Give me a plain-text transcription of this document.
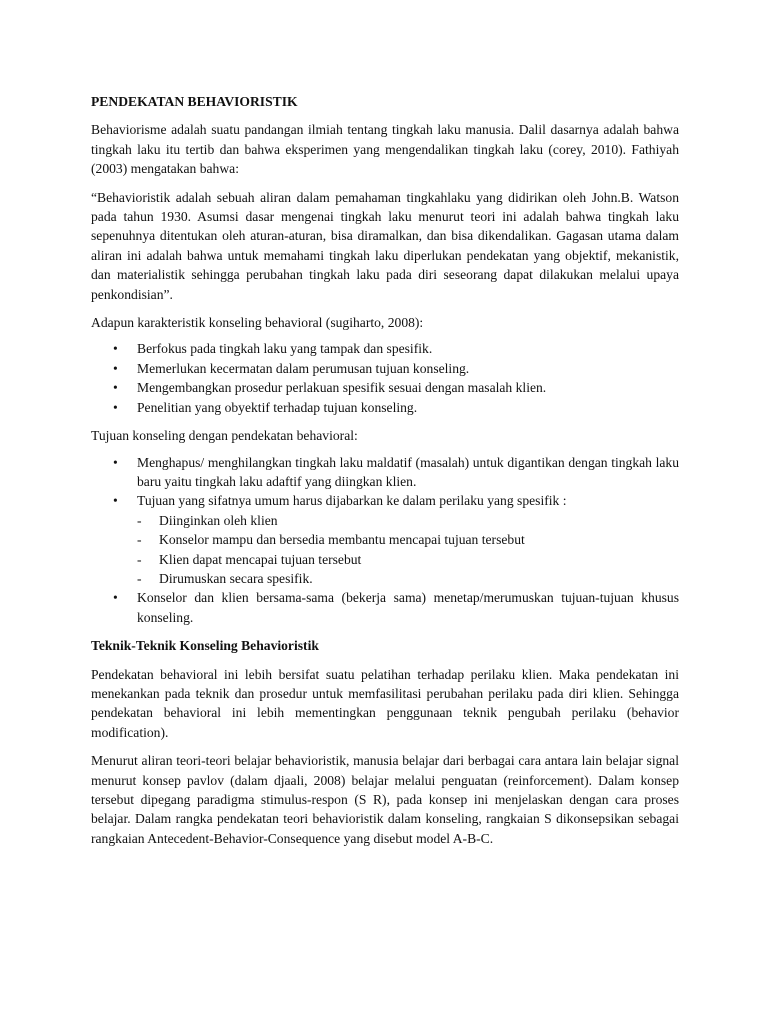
PENDEKATAN BEHAVIORISTIK

Behaviorisme adalah suatu pandangan ilmiah tentang tingkah laku manusia. Dalil dasarnya adalah bahwa tingkah laku itu tertib dan bahwa eksperimen yang mengendalikan tingkah laku (corey, 2010). Fathiyah (2003) mengatakan bahwa:

“Behavioristik adalah sebuah aliran dalam pemahaman tingkahlaku yang didirikan oleh John.B. Watson pada tahun 1930. Asumsi dasar mengenai tingkah laku menurut teori ini adalah bahwa tingkah laku sepenuhnya ditentukan oleh aturan-aturan, bisa diramalkan, dan bisa dikendalikan. Gagasan utama dalam aliran ini adalah bahwa untuk memahami tingkah laku diperlukan pendekatan yang objektif, mekanistik, dan materialistik sehingga perubahan tingkah laku pada diri seseorang dapat dilakukan melalui upaya penkondisian”.

Adapun karakteristik konseling behavioral (sugiharto, 2008):

• Berfokus pada tingkah laku yang tampak dan spesifik.
• Memerlukan kecermatan dalam perumusan tujuan konseling.
• Mengembangkan prosedur perlakuan spesifik sesuai dengan masalah klien.
• Penelitian yang obyektif terhadap tujuan konseling.

Tujuan konseling dengan pendekatan behavioral:

• Menghapus/ menghilangkan tingkah laku maldatif (masalah) untuk digantikan dengan tingkah laku baru yaitu tingkah laku adaftif yang diingkan klien.
• Tujuan yang sifatnya umum harus dijabarkan ke dalam perilaku yang spesifik :
- Diinginkan oleh klien
- Konselor mampu dan bersedia membantu mencapai tujuan tersebut
- Klien dapat mencapai tujuan tersebut
- Dirumuskan secara spesifik.
• Konselor dan klien bersama-sama (bekerja sama) menetap/merumuskan tujuan-tujuan khusus konseling.
Teknik-Teknik Konseling Behavioristik

Pendekatan behavioral ini lebih bersifat suatu pelatihan terhadap perilaku klien. Maka pendekatan ini menekankan pada teknik dan prosedur untuk memfasilitasi perubahan perilaku pada diri klien. Sehingga pendekatan behavioral ini lebih mementingkan penggunaan teknik pengubah perilaku (behavior modification).

Menurut aliran teori-teori belajar behavioristik, manusia belajar dari berbagai cara antara lain belajar signal menurut konsep pavlov (dalam djaali, 2008) belajar melalui penguatan (reinforcement). Dalam konsep tersebut dipegang paradigma stimulus-respon (S R), pada konsep ini menjelaskan dengan cara proses belajar. Dalam rangka pendekatan teori behavioristik dalam konseling, rangkaian S dikonsepsikan sebagai rangkaian Antecedent-Behavior-Consequence yang disebut model A-B-C.
